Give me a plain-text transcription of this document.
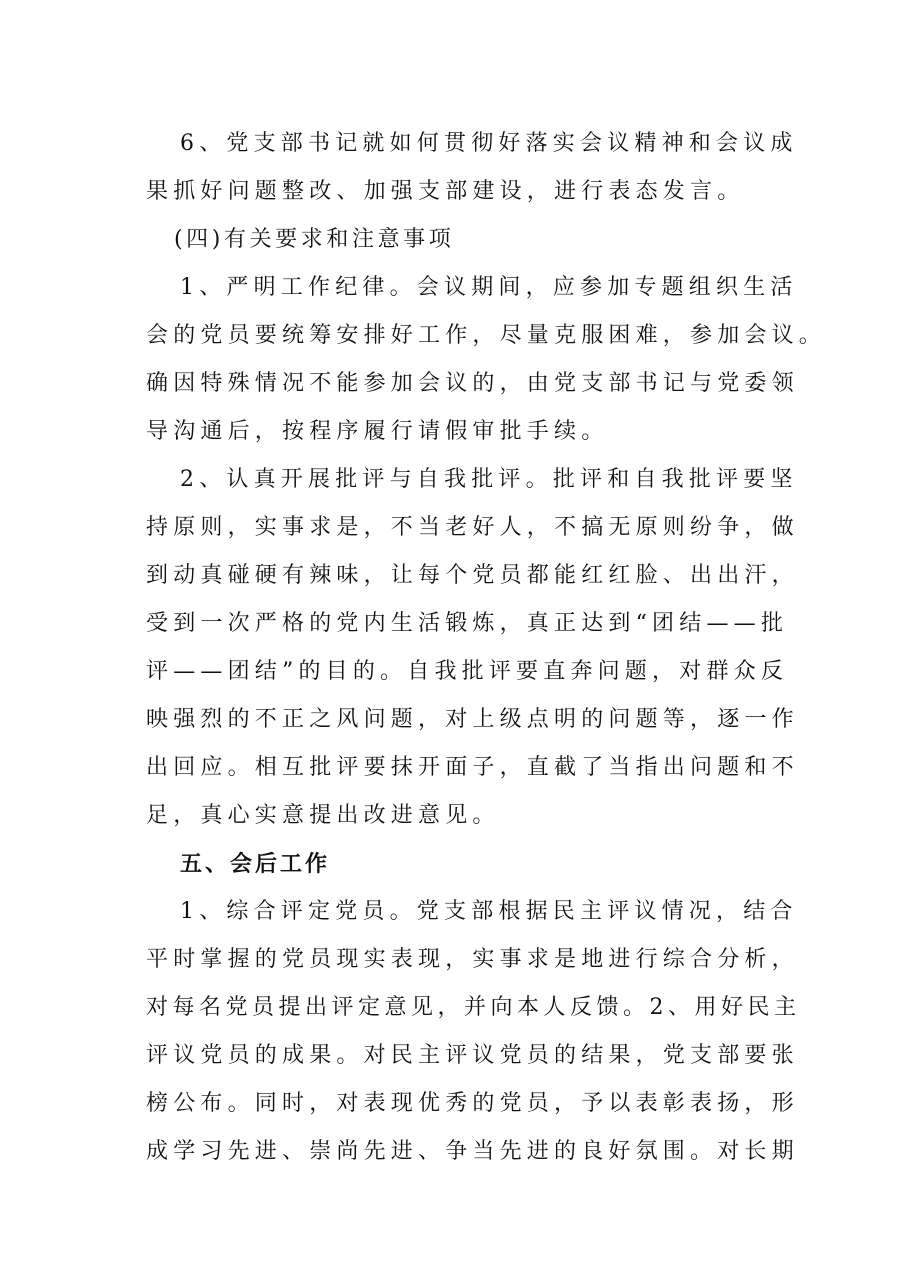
6、党支部书记就如何贯彻好落实会议精神和会议成
果抓好问题整改、加强支部建设，进行表态发言。
(四)有关要求和注意事项
1、严明工作纪律。会议期间，应参加专题组织生活
会的党员要统筹安排好工作，尽量克服困难，参加会议。
确因特殊情况不能参加会议的，由党支部书记与党委领
导沟通后，按程序履行请假审批手续。
2、认真开展批评与自我批评。批评和自我批评要坚
持原则，实事求是，不当老好人，不搞无原则纷争，做
到动真碰硬有辣味，让每个党员都能红红脸、出出汗，
受到一次严格的党内生活锻炼，真正达到“团结——批
评——团结”的目的。自我批评要直奔问题，对群众反
映强烈的不正之风问题，对上级点明的问题等，逐一作
出回应。相互批评要抹开面子，直截了当指出问题和不
足，真心实意提出改进意见。
五、会后工作
1、综合评定党员。党支部根据民主评议情况，结合
平时掌握的党员现实表现，实事求是地进行综合分析，
对每名党员提出评定意见，并向本人反馈。2、用好民主
评议党员的成果。对民主评议党员的结果，党支部要张
榜公布。同时，对表现优秀的党员，予以表彰表扬，形
成学习先进、崇尚先进、争当先进的良好氛围。对长期
